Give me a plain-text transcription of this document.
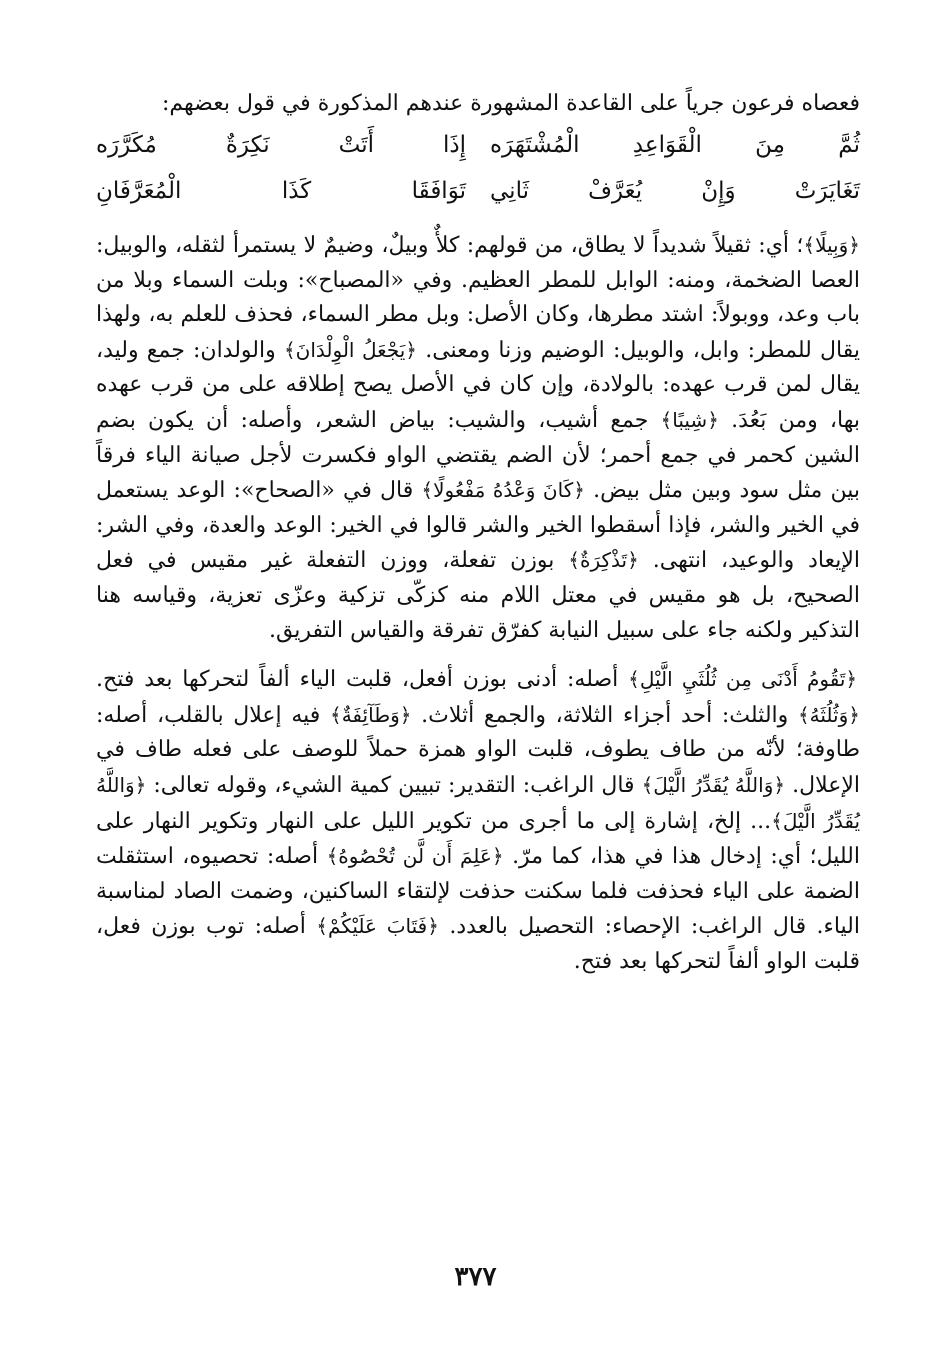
فعصاه فرعون جرياً على القاعدة المشهورة عندهم المذكورة في قول بعضهم:

ثُمَّ مِنَ الْقَوَاعِدِ الْمُشْتَهَرَه
إِذَا أَتَتْ نَكِرَةٌ مُكَرَّرَه
تَغَايَرَتْ وَإِنْ يُعَرَّفْ ثَانِي
تَوَافَقَا كَذَا الْمُعَرَّفَانِ

﴿وَبِيلًا﴾؛ أي: ثقيلاً شديداً لا يطاق، من قولهم: كلأٌ وبيلٌ، وضيمٌ لا يستمرأ لثقله، والوبيل: العصا الضخمة، ومنه: الوابل للمطر العظيم. وفي «المصباح»: وبلت السماء وبلا من باب وعد، ووبولاً: اشتد مطرها، وكان الأصل: وبل مطر السماء، فحذف للعلم به، ولهذا يقال للمطر: وابل، والوبيل: الوضيم وزنا ومعنى. ﴿يَجْعَلُ الْوِلْدَانَ﴾ والولدان: جمع وليد، يقال لمن قرب عهده: بالولادة، وإن كان في الأصل يصح إطلاقه على من قرب عهده بها، ومن بَعُدَ. ﴿شِيبًا﴾ جمع أشيب، والشيب: بياض الشعر، وأصله: أن يكون بضم الشين كحمر في جمع أحمر؛ لأن الضم يقتضي الواو فكسرت لأجل صيانة الياء فرقاً بين مثل سود وبين مثل بيض. ﴿كَانَ وَعْدُهُ مَفْعُولًا﴾ قال في «الصحاح»: الوعد يستعمل في الخير والشر، فإذا أسقطوا الخير والشر قالوا في الخير: الوعد والعدة، وفي الشر: الإيعاد والوعيد، انتهى. ﴿تَذْكِرَةٌ﴾ بوزن تفعلة، ووزن التفعلة غير مقيس في فعل الصحيح، بل هو مقيس في معتل اللام منه كزكّى تزكية وعزّى تعزية، وقياسه هنا التذكير ولكنه جاء على سبيل النيابة كفرّق تفرقة والقياس التفريق.

﴿تَقُومُ أَدْنَى مِن ثُلُثَيِ الَّيْلِ﴾ أصله: أدنى بوزن أفعل، قلبت الياء ألفاً لتحركها بعد فتح. ﴿وَثُلُثَهُ﴾ والثلث: أحد أجزاء الثلاثة، والجمع أثلاث. ﴿وَطَآئِفَةٌ﴾ فيه إعلال بالقلب، أصله: طاوفة؛ لأنّه من طاف يطوف، قلبت الواو همزة حملاً للوصف على فعله طاف في الإعلال. ﴿وَاللَّهُ يُقَدِّرُ الَّيْلَ﴾ قال الراغب: التقدير: تبيين كمية الشيء، وقوله تعالى: ﴿وَاللَّهُ يُقَدِّرُ الَّيْلَ﴾... إلخ، إشارة إلى ما أجرى من تكوير الليل على النهار وتكوير النهار على الليل؛ أي: إدخال هذا في هذا، كما مرّ. ﴿عَلِمَ أَن لَّن تُحْصُوهُ﴾ أصله: تحصيوه، استثقلت الضمة على الياء فحذفت فلما سكنت حذفت لإلتقاء الساكنين، وضمت الصاد لمناسبة الياء. قال الراغب: الإحصاء: التحصيل بالعدد. ﴿فَتَابَ عَلَيْكُمْ﴾ أصله: توب بوزن فعل، قلبت الواو ألفاً لتحركها بعد فتح.

٣٧٧
